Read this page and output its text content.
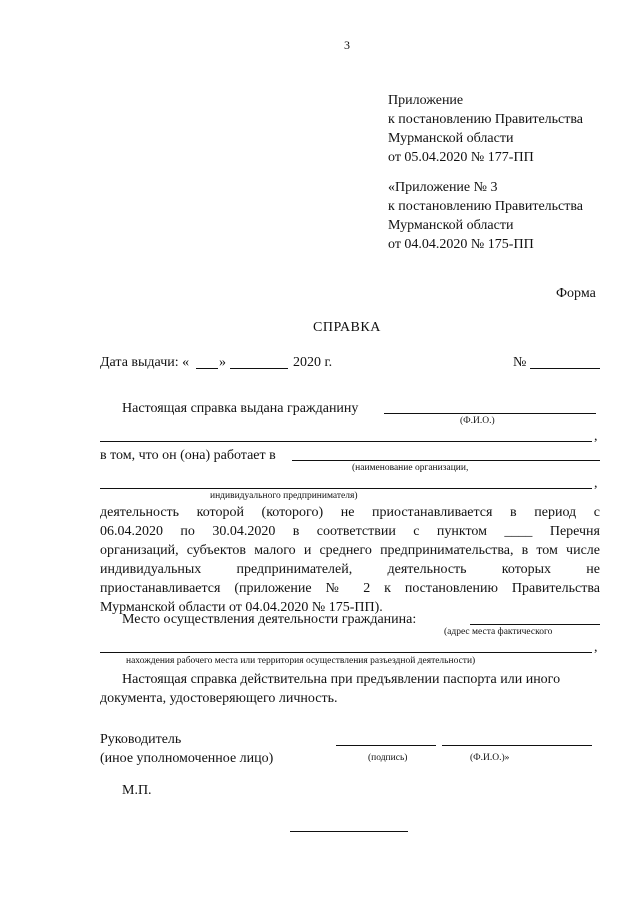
3
Приложение
к постановлению Правительства
Мурманской области
от 05.04.2020 № 177-ПП
«Приложение № 3
к постановлению Правительства
Мурманской области
от 04.04.2020 № 175-ПП
Форма
СПРАВКА
Дата выдачи: « »	2020 г.	№
Настоящая справка выдана гражданину
(Ф.И.О.)
,
в том, что он (она) работает в
(наименование организации,
,
индивидуального предпринимателя)
деятельность которой (которого) не приостанавливается в период с
06.04.2020 по 30.04.2020 в соответствии с пунктом ____ Перечня
организаций, субъектов малого и среднего предпринимательства, в том числе
индивидуальных предпринимателей, деятельность которых не
приостанавливается (приложение № 2 к постановлению Правительства
Мурманской области от 04.04.2020 № 175-ПП).
Место осуществления деятельности гражданина:
(адрес места фактического
,
нахождения рабочего места или территория осуществления разъездной деятельности)
Настоящая справка действительна при предъявлении паспорта или иного
документа, удостоверяющего личность.
Руководитель
(иное уполномоченное лицо)	(подпись)	(Ф.И.О.)»
М.П.
